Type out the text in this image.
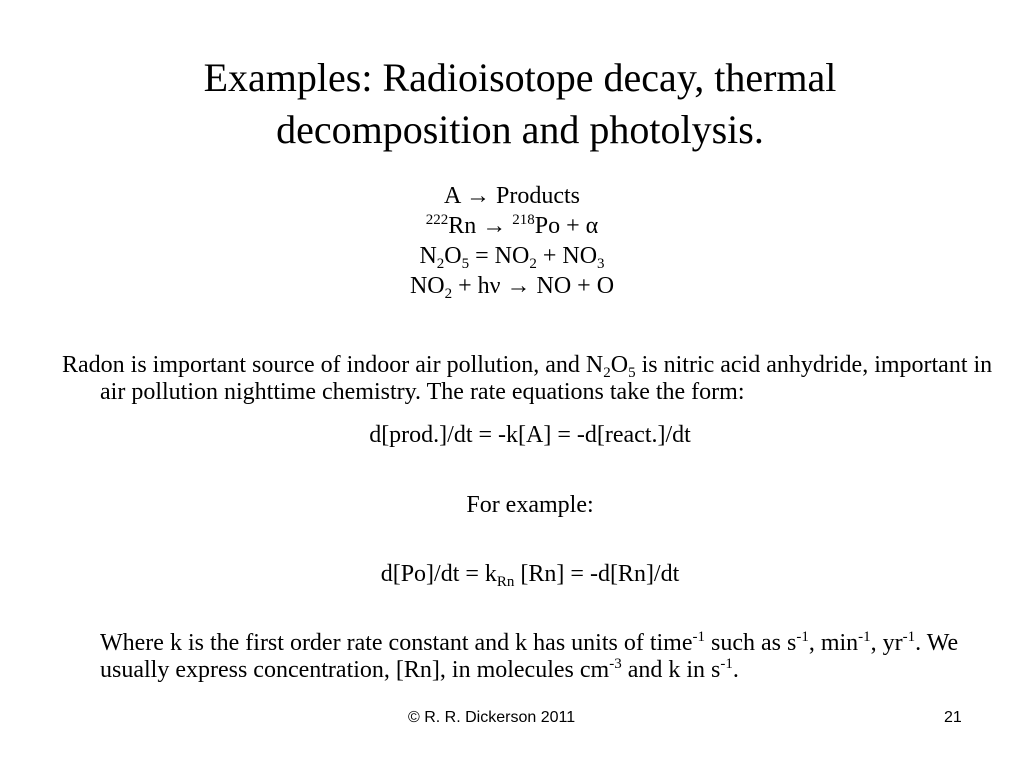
Examples: Radioisotope decay, thermal
decomposition and photolysis.
A → Products
$^{222}$Rn → $^{218}$Po + α
$N_2O_5 = NO_2 + NO_3$
$NO_2 + h\nu$ → NO + O

Radon is important source of indoor air pollution, and $N_2O_5$ is nitric acid anhydride, important in air pollution nighttime chemistry. The rate equations take the form:

d[prod.]/dt = -k[A] = -d[react.]/dt

For example:

$d[Po]/dt = k_{Rn}$ [Rn] = -d[Rn]/dt

Where k is the first order rate constant and k has units of time$^{-1}$ such as $s^{-1}$, $\min^{-1}$, $yr^{-1}$. We usually express concentration, [Rn], in molecules $cm^{-3}$ and k in $s^{-1}$.

© R. R. Dickerson 2011	21
